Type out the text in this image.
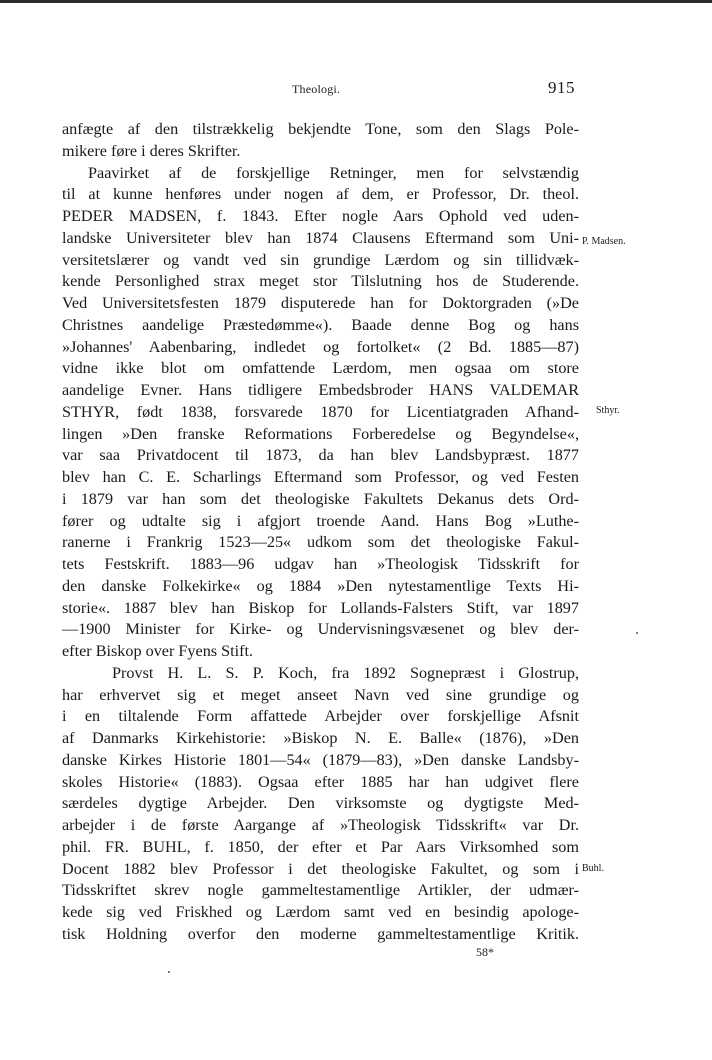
Theologi.	915
anfægte af den tilstrækkelig bekjendte Tone, som den Slags Pole-
mikere føre i deres Skrifter.
Paavirket af de forskjellige Retninger, men for selvstændig
til at kunne henføres under nogen af dem, er Professor, Dr. theol.
PEDER MADSEN, f. 1843. Efter nogle Aars Ophold ved uden-
landske Universiteter blev han 1874 Clausens Eftermand som Uni-
versitetslærer og vandt ved sin grundige Lærdom og sin tillidvæk-
kende Personlighed strax meget stor Tilslutning hos de Studerende.
Ved Universitetsfesten 1879 disputerede han for Doktorgraden (»De
Christnes aandelige Præstedømme«). Baade denne Bog og hans
»Johannes' Aabenbaring, indledet og fortolket« (2 Bd. 1885—87)
vidne ikke blot om omfattende Lærdom, men ogsaa om store
aandelige Evner. Hans tidligere Embedsbroder HANS VALDEMAR
STHYR, født 1838, forsvarede 1870 for Licentiatgraden Afhand-
lingen »Den franske Reformations Forberedelse og Begyndelse«,
var saa Privatdocent til 1873, da han blev Landsbypræst. 1877
blev han C. E. Scharlings Eftermand som Professor, og ved Festen
i 1879 var han som det theologiske Fakultets Dekanus dets Ord-
fører og udtalte sig i afgjort troende Aand. Hans Bog »Luthe-
ranerne i Frankrig 1523—25« udkom som det theologiske Fakul-
tets Festskrift. 1883—96 udgav han »Theologisk Tidsskrift for
den danske Folkekirke« og 1884 »Den nytestamentlige Texts Hi-
storie«. 1887 blev han Biskop for Lollands-Falsters Stift, var 1897
—1900 Minister for Kirke- og Undervisningsvæsenet og blev der-
efter Biskop over Fyens Stift.
Provst H. L. S. P. Koch, fra 1892 Sognepræst i Glostrup,
har erhvervet sig et meget anseet Navn ved sine grundige og
i en tiltalende Form affattede Arbejder over forskjellige Afsnit
af Danmarks Kirkehistorie: »Biskop N. E. Balle« (1876), »Den
danske Kirkes Historie 1801—54« (1879—83), »Den danske Landsby-
skoles Historie« (1883). Ogsaa efter 1885 har han udgivet flere
særdeles dygtige Arbejder. Den virksomste og dygtigste Med-
arbejder i de første Aargange af »Theologisk Tidsskrift« var Dr.
phil. FR. BUHL, f. 1850, der efter et Par Aars Virksomhed som
Docent 1882 blev Professor i det theologiske Fakultet, og som i
Tidsskriftet skrev nogle gammeltestamentlige Artikler, der udmær-
kede sig ved Friskhed og Lærdom samt ved en besindig apologe-
tisk Holdning overfor den moderne gammeltestamentlige Kritik.
P. Madsen.
Sthyr.
Buhl.
58*
